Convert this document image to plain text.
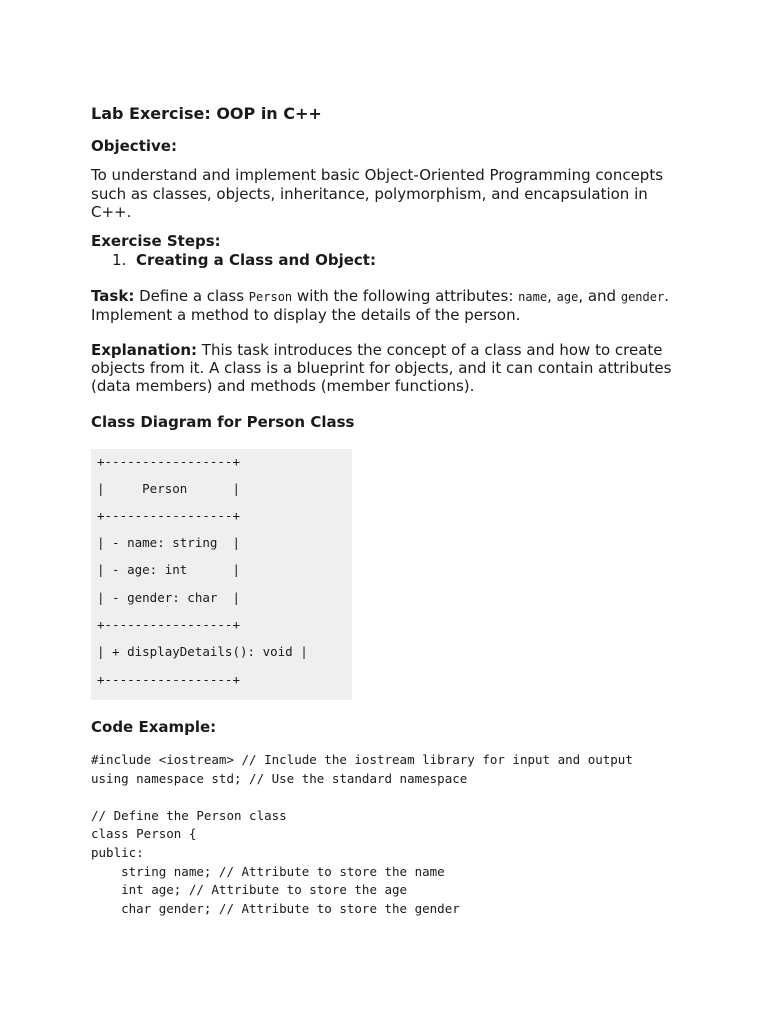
Lab Exercise: OOP in C++
Objective:

To understand and implement basic Object-Oriented Programming concepts such as classes, objects, inheritance, polymorphism, and encapsulation in C++.

Exercise Steps:
1. Creating a Class and Object:

Task: Define a class Person with the following attributes: name, age, and gender. Implement a method to display the details of the person.

Explanation: This task introduces the concept of a class and how to create objects from it. A class is a blueprint for objects, and it can contain attributes (data members) and methods (member functions).

Class Diagram for Person Class
+-----------------+
|     Person      |
+-----------------+
| - name: string  |
| - age: int      |
| - gender: char  |
+-----------------+
| + displayDetails(): void |
+-----------------+
Code Example:
#include <iostream> // Include the iostream library for input and output
using namespace std; // Use the standard namespace
// Define the Person class
class Person {
public:
string name; // Attribute to store the name
int age; // Attribute to store the age
char gender; // Attribute to store the gender
